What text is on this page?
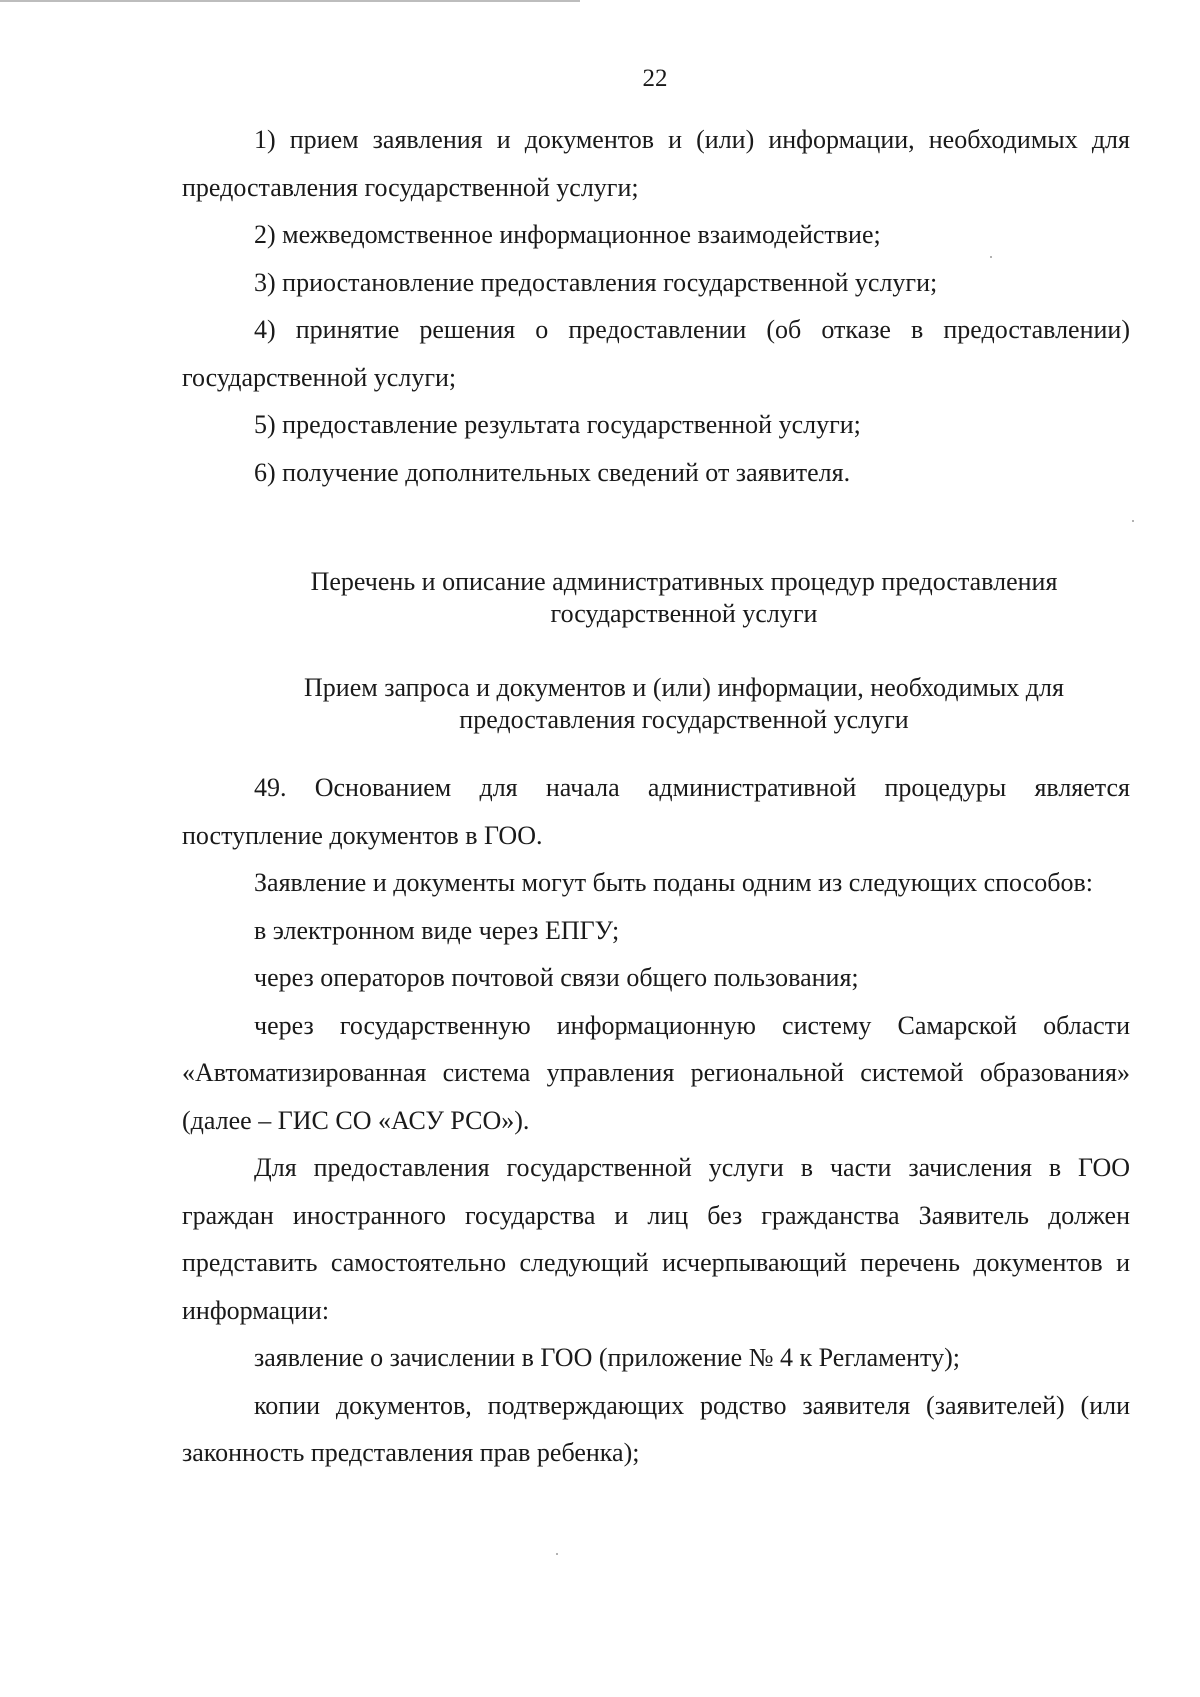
22

1) прием заявления и документов и (или) информации, необходимых для предоставления государственной услуги;

2) межведомственное информационное взаимодействие;

3) приостановление предоставления государственной услуги;

4) принятие решения о предоставлении (об отказе в предоставлении) государственной услуги;

5) предоставление результата государственной услуги;

6) получение дополнительных сведений от заявителя.

Перечень и описание административных процедур предоставления государственной услуги

Прием запроса и документов и (или) информации, необходимых для предоставления государственной услуги

49. Основанием для начала административной процедуры является поступление документов в ГОО.

Заявление и документы могут быть поданы одним из следующих способов:

в электронном виде через ЕПГУ;

через операторов почтовой связи общего пользования;

через государственную информационную систему Самарской области «Автоматизированная система управления региональной системой образования» (далее – ГИС СО «АСУ РСО»).

Для предоставления государственной услуги в части зачисления в ГОО граждан иностранного государства и лиц без гражданства Заявитель должен представить самостоятельно следующий исчерпывающий перечень документов и информации:

заявление о зачислении в ГОО (приложение № 4 к Регламенту);

копии документов, подтверждающих родство заявителя (заявителей) (или законность представления прав ребенка);
